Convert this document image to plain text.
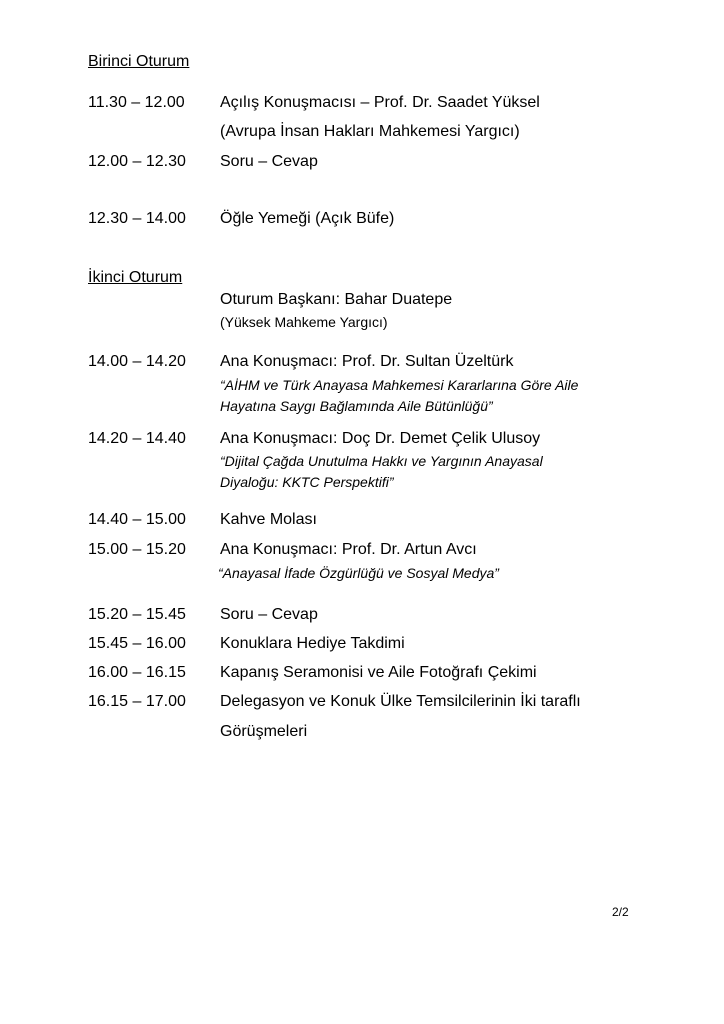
Birinci Oturum
11.30 – 12.00 Açılış Konuşmacısı – Prof. Dr. Saadet Yüksel
(Avrupa İnsan Hakları Mahkemesi Yargıcı)
12.00 – 12.30 Soru – Cevap
12.30 – 14.00 Öğle Yemeği (Açık Büfe)
İkinci Oturum
Oturum Başkanı: Bahar Duatepe
(Yüksek Mahkeme Yargıcı)
14.00 – 14.20 Ana Konuşmacı: Prof. Dr. Sultan Üzeltürk
“AİHM ve Türk Anayasa Mahkemesi Kararlarına Göre Aile
Hayatına Saygı Bağlamında Aile Bütünlüğü”
14.20 – 14.40 Ana Konuşmacı: Doç Dr. Demet Çelik Ulusoy
“Dijital Çağda Unutulma Hakkı ve Yargının Anayasal
Diyaloğu: KKTC Perspektifi”
14.40 – 15.00 Kahve Molası
15.00 – 15.20 Ana Konuşmacı: Prof. Dr. Artun Avcı
“Anayasal İfade Özgürlüğü ve Sosyal Medya”
15.20 – 15.45 Soru – Cevap
15.45 – 16.00 Konuklara Hediye Takdimi
16.00 – 16.15 Kapanış Seramonisi ve Aile Fotoğrafı Çekimi
16.15 – 17.00 Delegasyon ve Konuk Ülke Temsilcilerinin İki taraflı
Görüşmeleri
2/2
